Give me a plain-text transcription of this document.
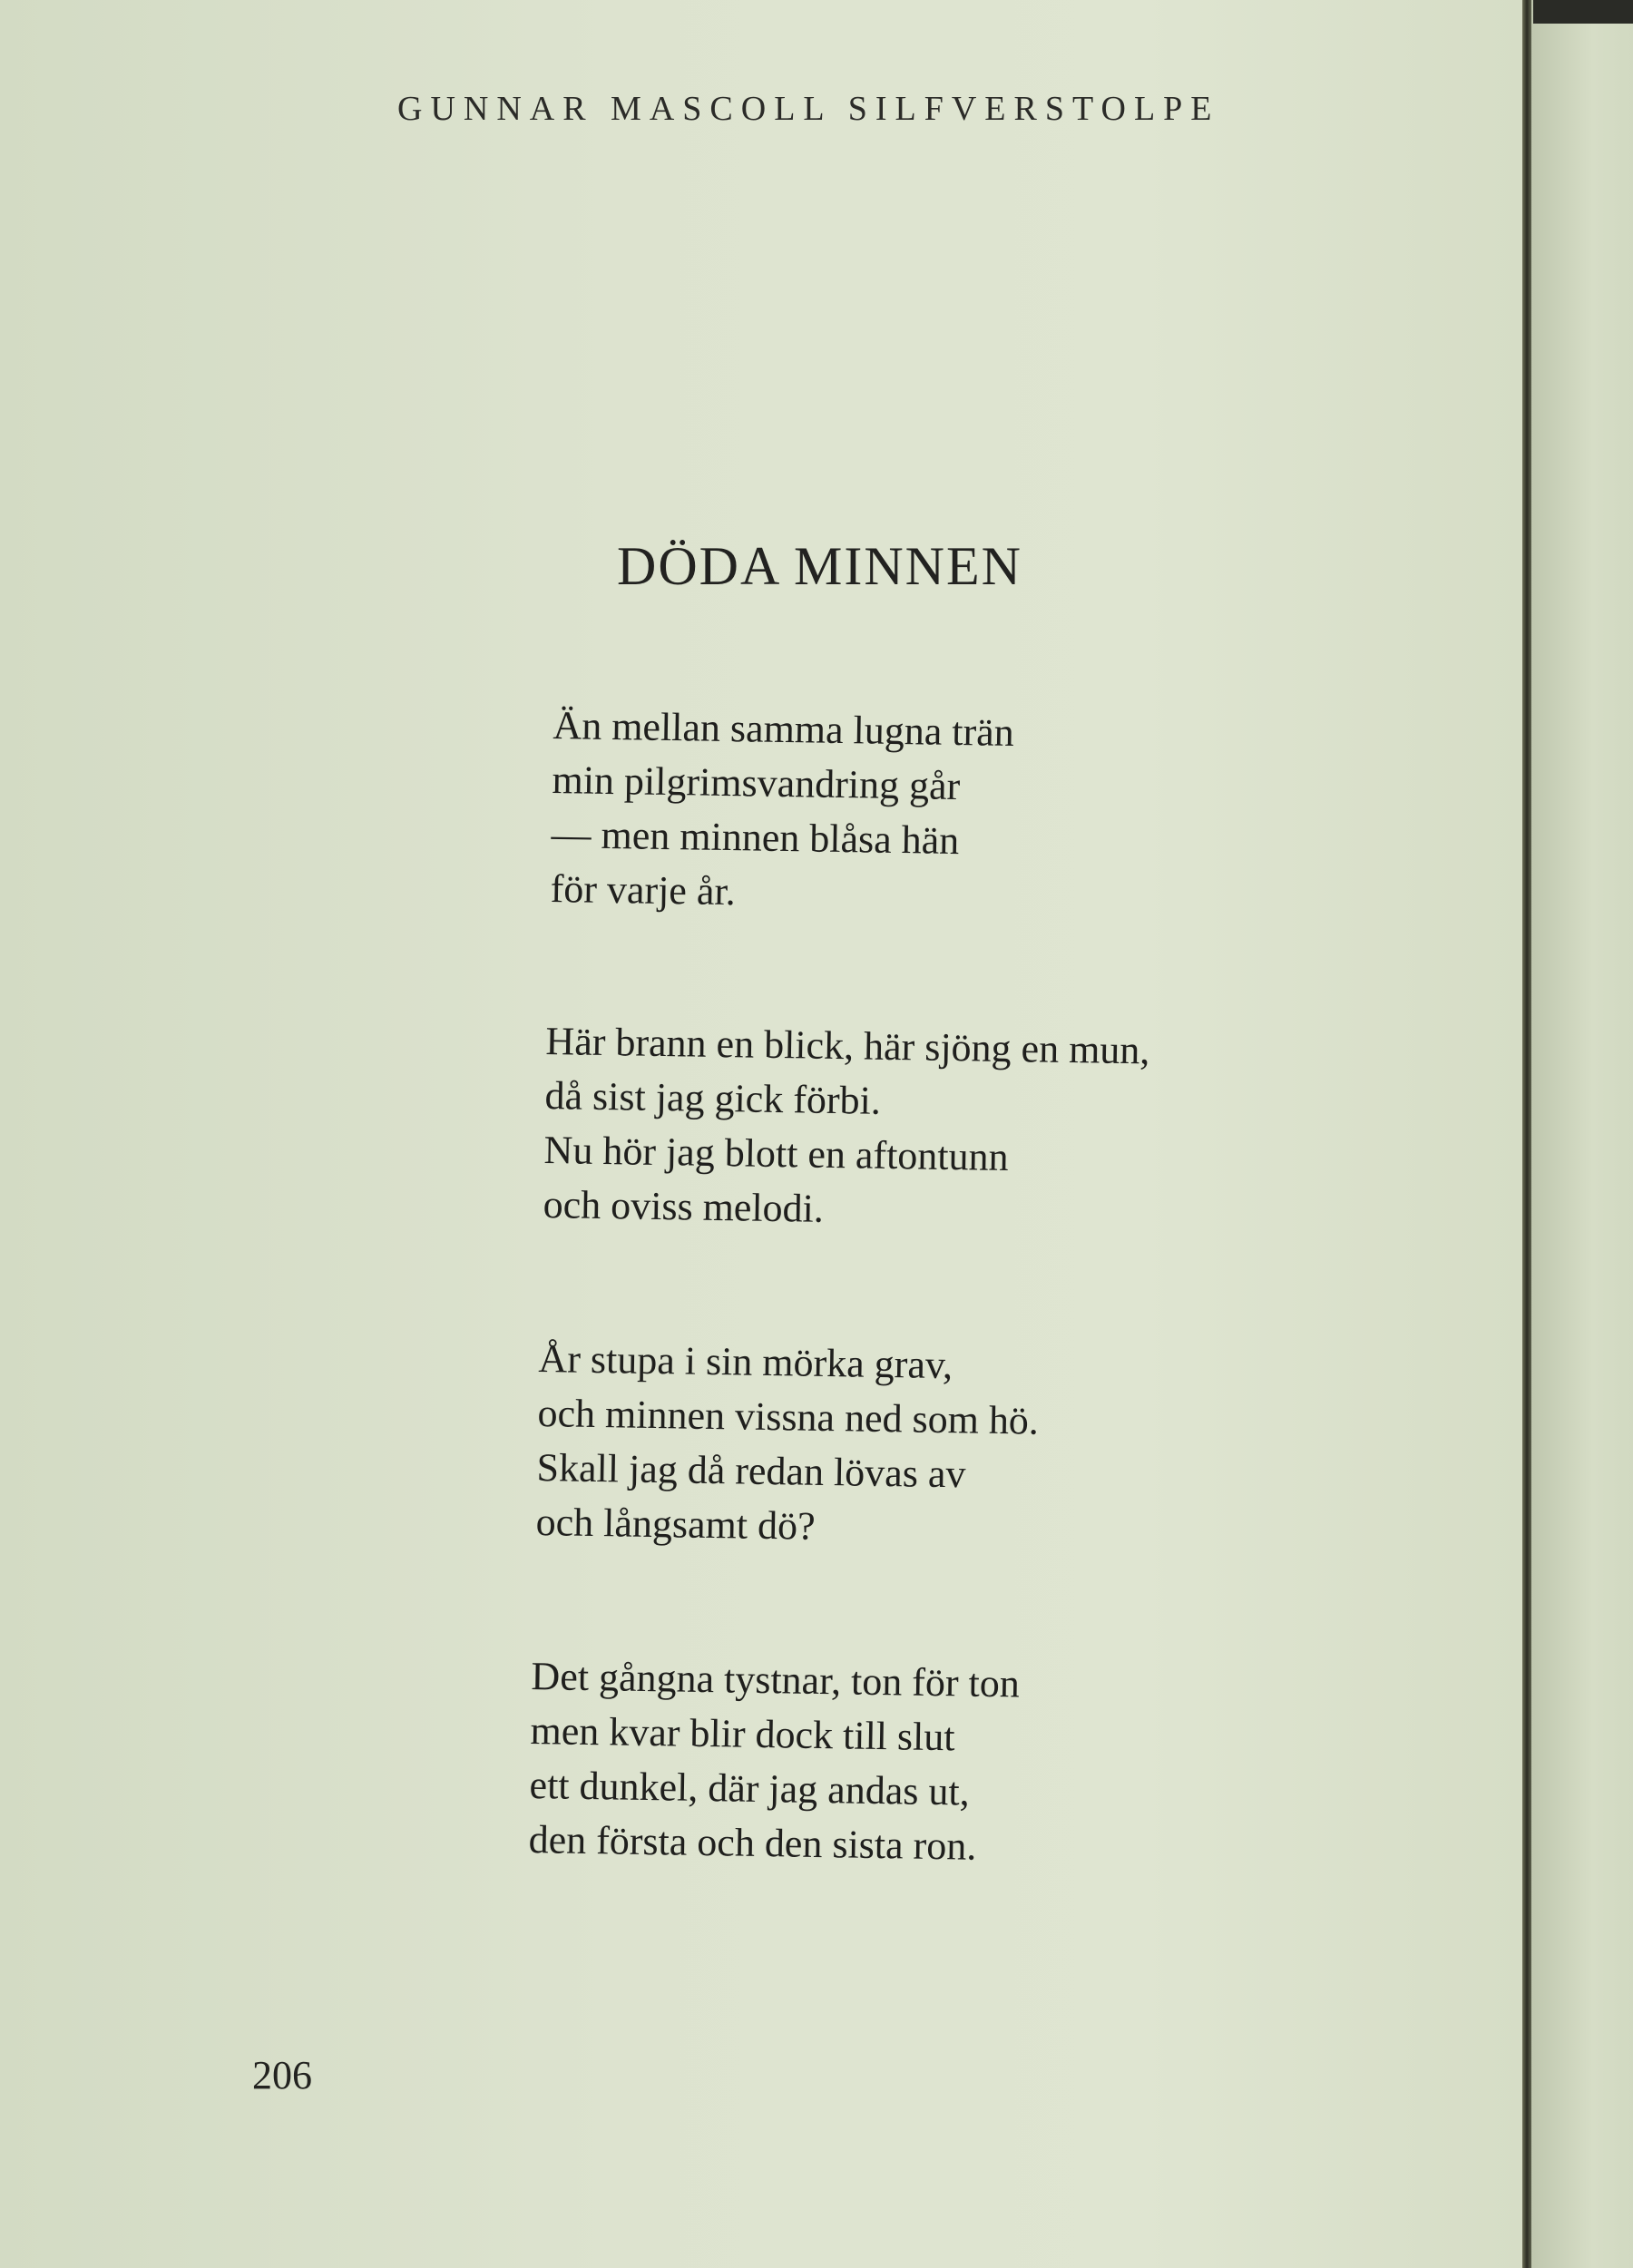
GUNNAR MASCOLL SILFVERSTOLPE
DÖDA MINNEN
Än mellan samma lugna trän
min pilgrimsvandring går
— men minnen blåsa hän
för varje år.
Här brann en blick, här sjöng en mun,
då sist jag gick förbi.
Nu hör jag blott en aftontunn
och oviss melodi.
År stupa i sin mörka grav,
och minnen vissna ned som hö.
Skall jag då redan lövas av
och långsamt dö?
Det gångna tystnar, ton för ton
men kvar blir dock till slut
ett dunkel, där jag andas ut,
den första och den sista ron.
206
